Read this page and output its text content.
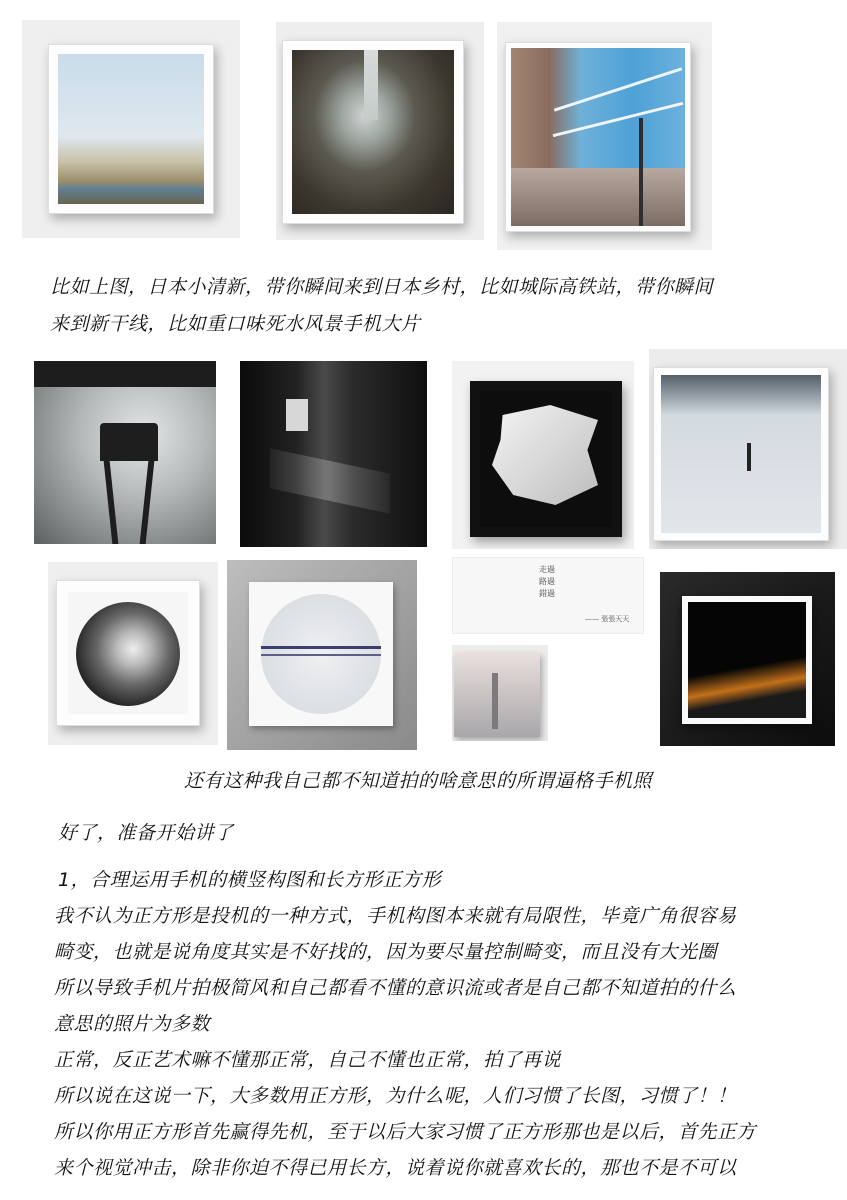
比如上图，日本小清新，带你瞬间来到日本乡村，比如城际高铁站，带你瞬间
来到新干线，比如重口味死水风景手机大片
走過
路過
錯過
—— 張張天天
还有这种我自己都不知道拍的啥意思的所谓逼格手机照
好了，准备开始讲了
1，合理运用手机的横竖构图和长方形正方形
我不认为正方形是投机的一种方式，手机构图本来就有局限性，毕竟广角很容易
畸变，也就是说角度其实是不好找的，因为要尽量控制畸变，而且没有大光圈
所以导致手机片拍极简风和自己都看不懂的意识流或者是自己都不知道拍的什么
意思的照片为多数
正常，反正艺术嘛不懂那正常，自己不懂也正常，拍了再说
所以说在这说一下，大多数用正方形，为什么呢，人们习惯了长图，习惯了！！
所以你用正方形首先赢得先机，至于以后大家习惯了正方形那也是以后，首先正方
来个视觉冲击，除非你迫不得已用长方，说着说你就喜欢长的，那也不是不可以
